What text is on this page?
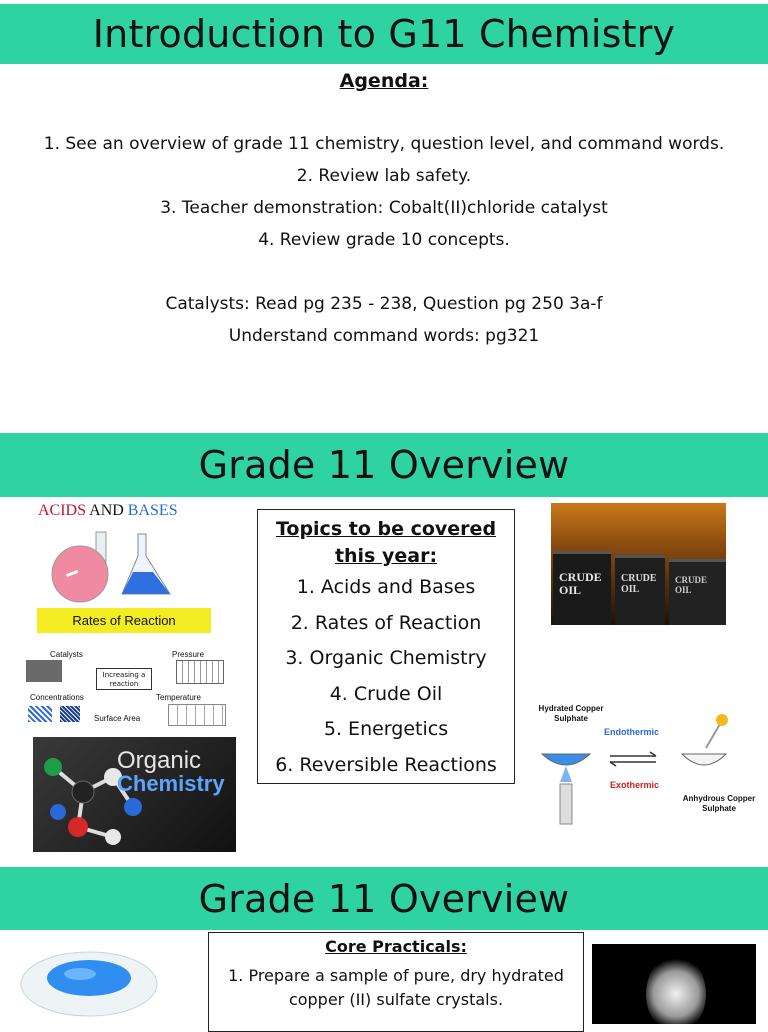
Introduction to G11 Chemistry
Agenda:
1. See an overview of grade 11 chemistry, question level, and command words.
2. Review lab safety.
3. Teacher demonstration: Cobalt(II)chloride catalyst
4. Review grade 10 concepts.
Catalysts: Read pg 235 - 238, Question pg 250 3a-f
Understand command words: pg321
Grade 11 Overview
ACIDS AND BASES
Rates of Reaction
Catalysts	Pressure
Increasing a reaction
Concentrations	Temperature
Surface Area
Organic
Chemistry
Topics to be covered this year:
1. Acids and Bases
2. Rates of Reaction
3. Organic Chemistry
4. Crude Oil
5. Energetics
6. Reversible Reactions
CRUDE OIL
CRUDE OIL
CRUDE OIL
Hydrated Copper Sulphate
Endothermic
Exothermic
Anhydrous Copper Sulphate
Grade 11 Overview
Core Practicals:
1. Prepare a sample of pure, dry hydrated copper (II) sulfate crystals.
